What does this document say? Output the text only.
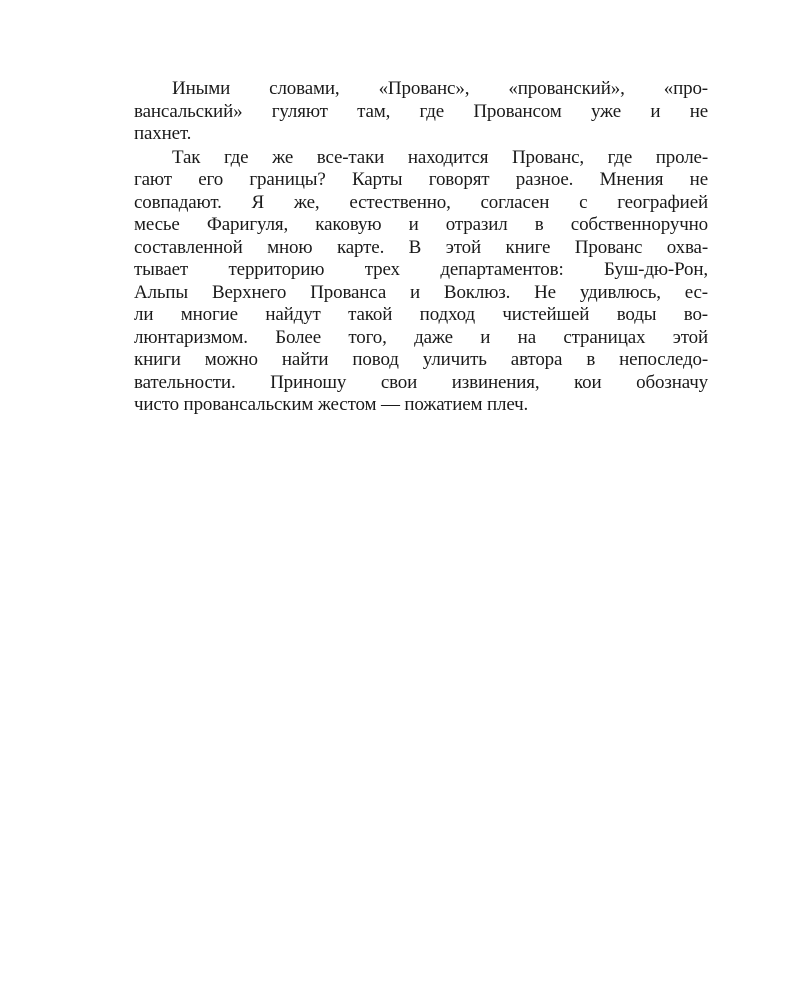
Иными словами, «Прованс», «прованский», «про-
вансальский» гуляют там, где Провансом уже и не
пахнет.

Так где же все-таки находится Прованс, где проле-
гают его границы? Карты говорят разное. Мнения не
совпадают. Я же, естественно, согласен с географией
месье Фаригуля, каковую и отразил в собственноручно
составленной мною карте. В этой книге Прованс охва-
тывает территорию трех департаментов: Буш-дю-Рон,
Альпы Верхнего Прованса и Воклюз. Не удивлюсь, ес-
ли многие найдут такой подход чистейшей воды во-
люнтаризмом. Более того, даже и на страницах этой
книги можно найти повод уличить автора в непоследо-
вательности. Приношу свои извинения, кои обозначу
чисто провансальским жестом — пожатием плеч.
